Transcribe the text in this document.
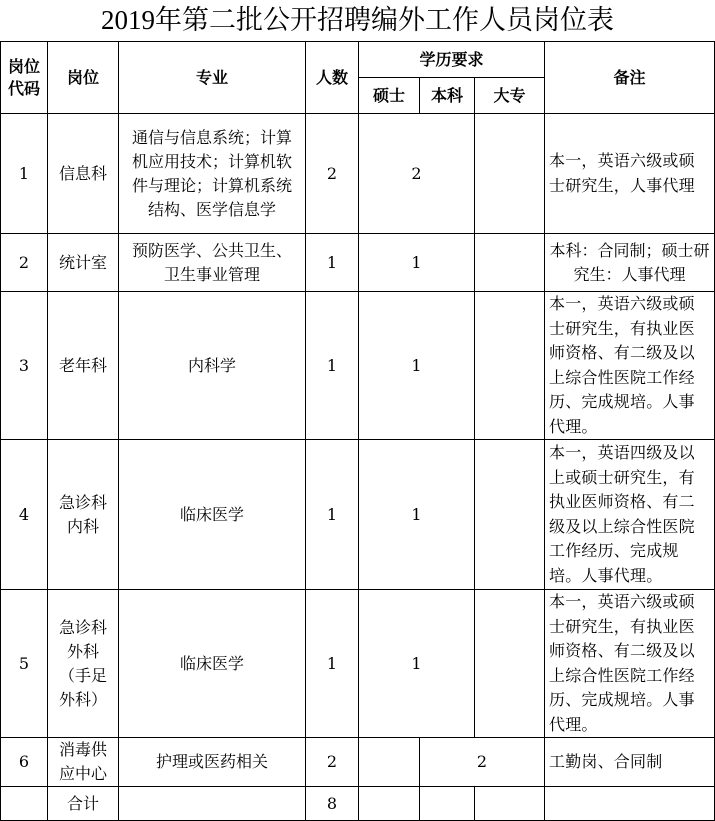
2019年第二批公开招聘编外工作人员岗位表
岗位代码	岗位	专业	人数	学历要求			备注
				硕士	本科	大专	
1	信息科	通信与信息系统；计算机应用技术；计算机软件与理论；计算机系统结构、医学信息学	2	2			本一，英语六级或硕士研究生，人事代理
2	统计室	预防医学、公共卫生、卫生事业管理	1	1			本科：合同制；硕士研究生：人事代理
3	老年科	内科学	1	1			本一，英语六级或硕士研究生，有执业医师资格、有二级及以上综合性医院工作经历、完成规培。人事代理。
4	急诊科内科	临床医学	1	1			本一，英语四级及以上或硕士研究生，有执业医师资格、有二级及以上综合性医院工作经历、完成规培。人事代理。
5	急诊科外科（手足外科）	临床医学	1	1			本一，英语六级或硕士研究生，有执业医师资格、有二级及以上综合性医院工作经历、完成规培。人事代理。
6	消毒供应中心	护理或医药相关	2		2		工勤岗、合同制
	合计		8				
